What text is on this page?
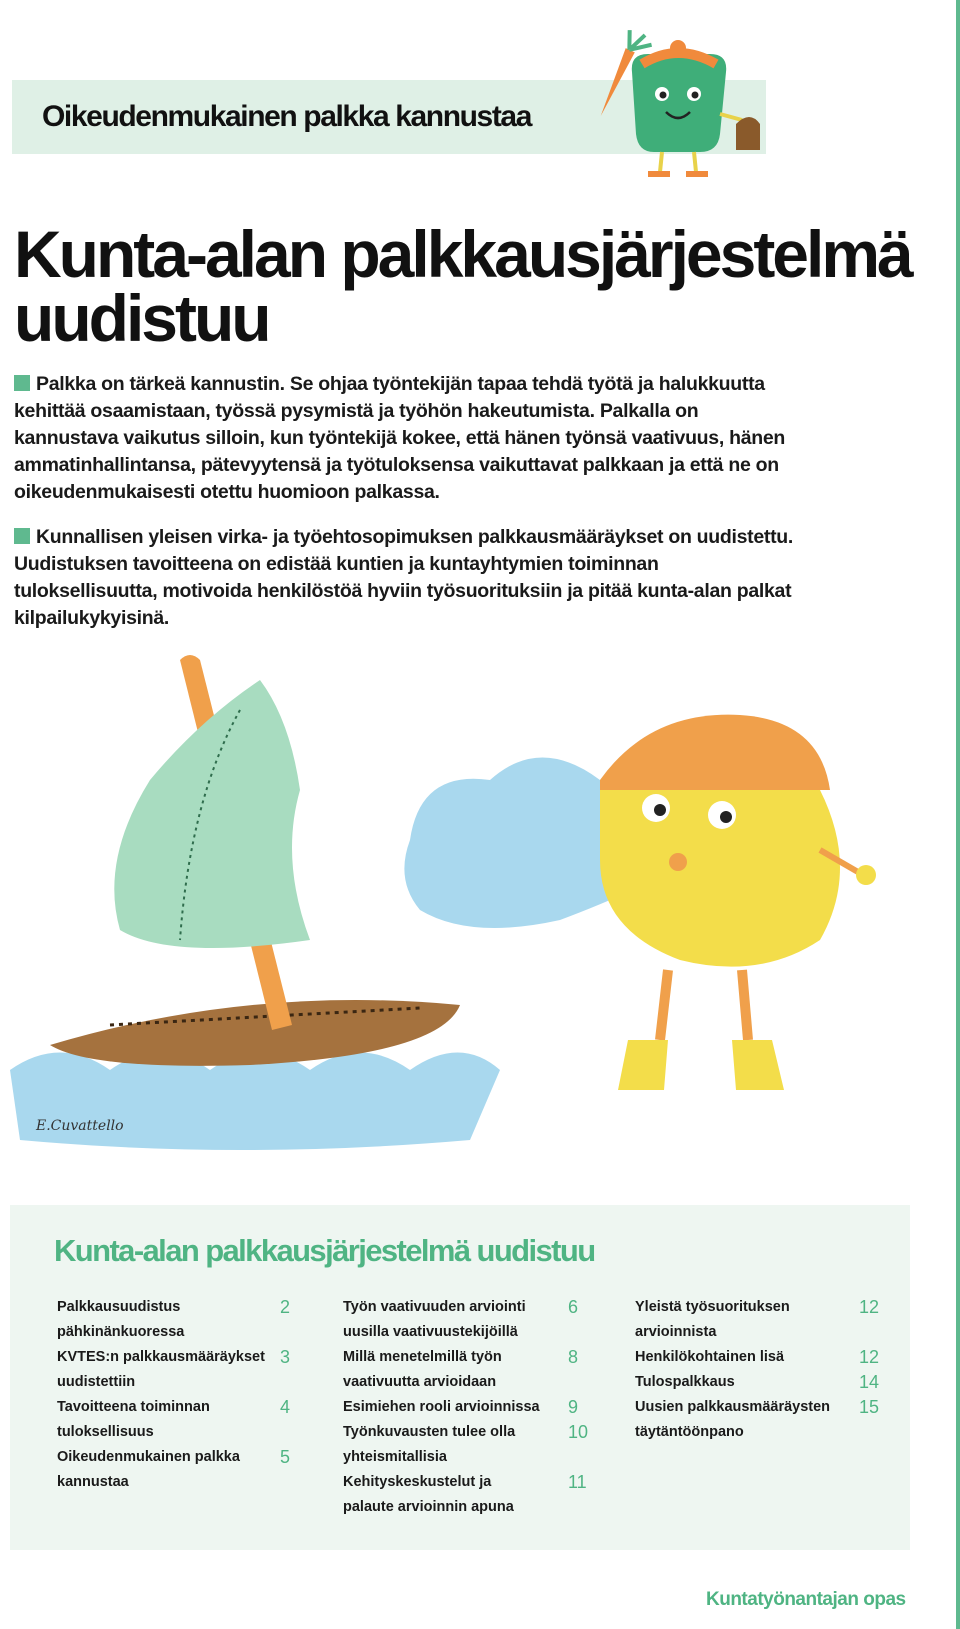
Oikeudenmukainen palkka kannustaa
Kunta-alan palkkausjärjestelmä
uudistuu

Palkka on tärkeä kannustin. Se ohjaa työntekijän tapaa tehdä työtä ja halukkuutta kehittää osaamistaan, työssä pysymistä ja työhön hakeutumista. Palkalla on kannustava vaikutus silloin, kun työntekijä kokee, että hänen työnsä vaativuus, hänen ammatinhallintansa, pätevyytensä ja työtuloksensa vaikuttavat palkkaan ja että ne on oikeudenmukaisesti otettu huomioon palkassa.

Kunnallisen yleisen virka- ja työehtosopimuksen palkkausmääräykset on uudistettu. Uudistuksen tavoitteena on edistää kuntien ja kuntayhtymien toiminnan tuloksellisuutta, motivoida henkilöstöä hyviin työsuorituksiin ja pitää kunta-alan palkat kilpailukykyisinä.

E.Cuvattello
Kunta-alan palkkausjärjestelmä uudistuu
Palkkausuudistus
pähkinänkuoressa
2
KVTES:n palkkausmääräykset
uudistettiin
3
Tavoitteena toiminnan
tuloksellisuus
4
Oikeudenmukainen palkka
kannustaa
5
Työn vaativuuden arviointi
uusilla vaativuustekijöillä
6
Millä menetelmillä työn
vaativuutta arvioidaan
8
Esimiehen rooli arvioinnissa	9
Työnkuvausten tulee olla
yhteismitallisia
10
Kehityskeskustelut ja
palaute arvioinnin apuna
11
Yleistä työsuorituksen
arvioinnista
12
Henkilökohtainen lisä	12
Tulospalkkaus	14
Uusien palkkausmääräysten
täytäntöönpano
15
Kuntatyönantajan opas
